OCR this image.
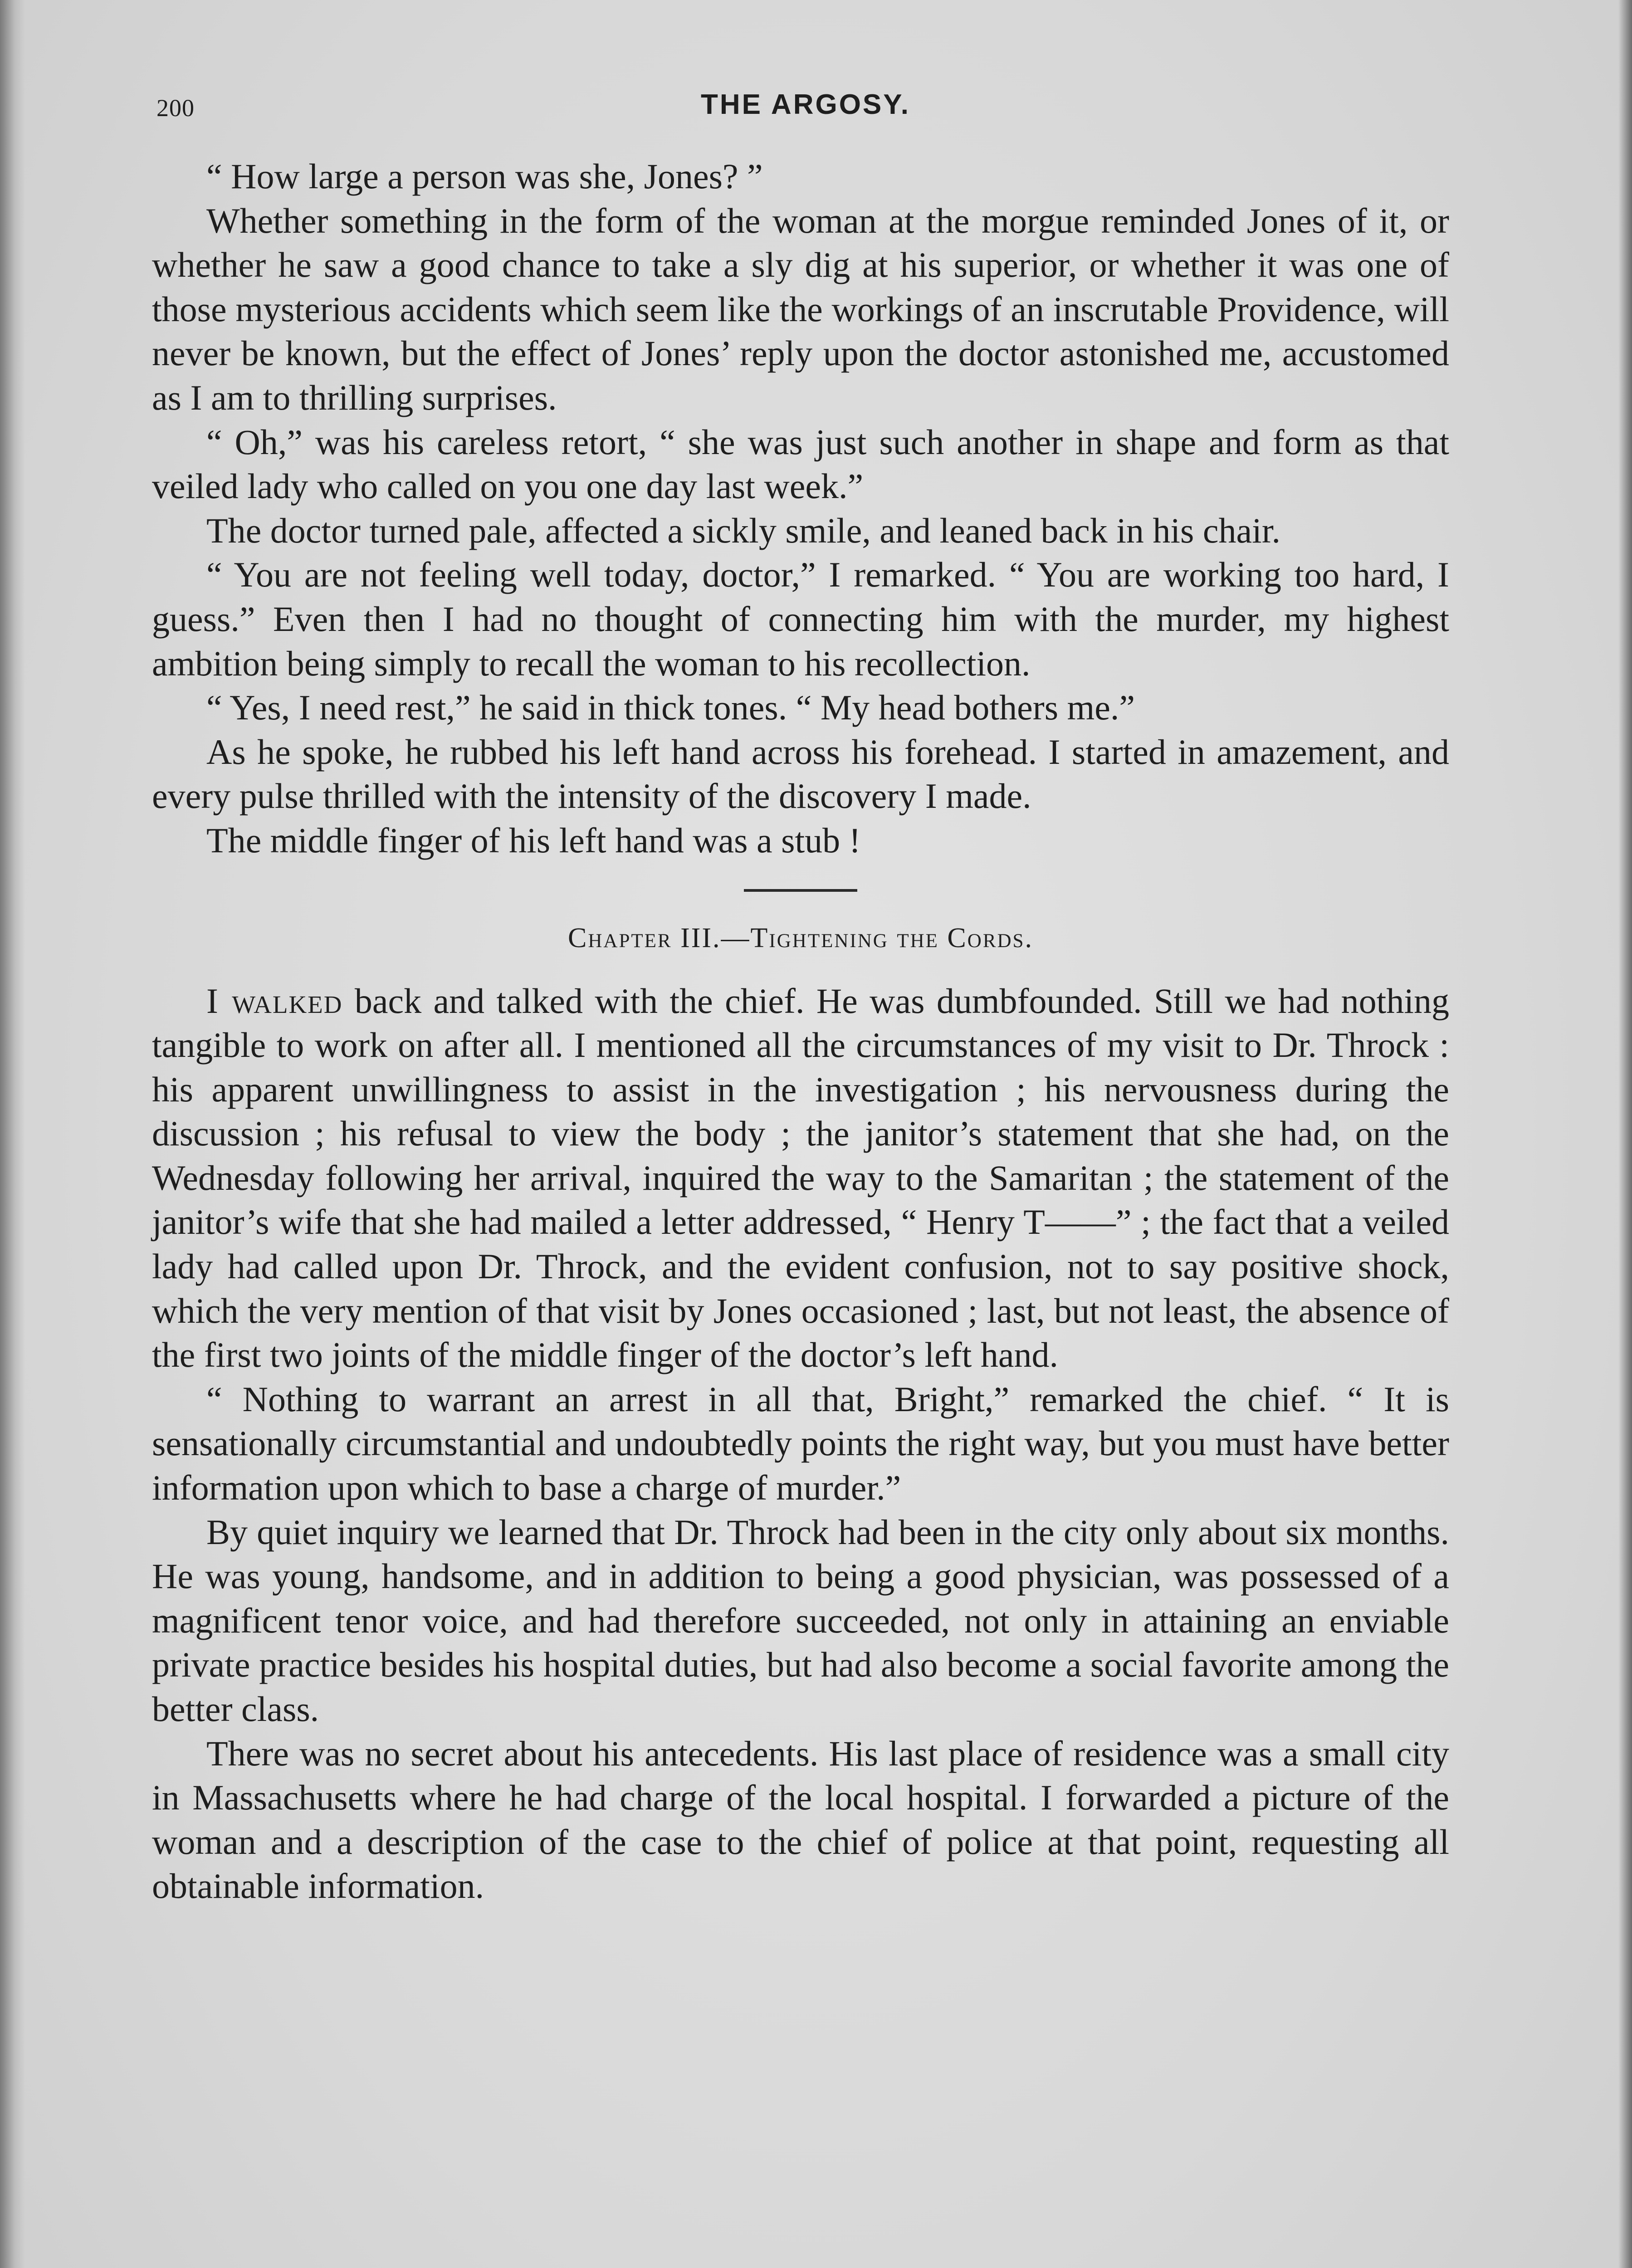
200	THE ARGOSY.

“ How large a person was she, Jones? ”

Whether something in the form of the woman at the morgue reminded Jones of it, or whether he saw a good chance to take a sly dig at his superior, or whether it was one of those mysterious accidents which seem like the workings of an inscrutable Providence, will never be known, but the effect of Jones’ reply upon the doctor astonished me, accustomed as I am to thrilling surprises.

“ Oh,” was his careless retort, “ she was just such another in shape and form as that veiled lady who called on you one day last week.”

The doctor turned pale, affected a sickly smile, and leaned back in his chair.

“ You are not feeling well today, doctor,” I remarked. “ You are working too hard, I guess.” Even then I had no thought of connecting him with the murder, my highest ambition being simply to recall the woman to his recollection.

“ Yes, I need rest,” he said in thick tones. “ My head bothers me.”

As he spoke, he rubbed his left hand across his forehead. I started in amazement, and every pulse thrilled with the intensity of the discovery I made.

The middle finger of his left hand was a stub !

Chapter III.—Tightening the Cords.

I walked back and talked with the chief. He was dumbfounded. Still we had nothing tangible to work on after all. I mentioned all the circumstances of my visit to Dr. Throck : his apparent unwillingness to assist in the investigation ; his nervousness during the discussion ; his refusal to view the body ; the janitor’s statement that she had, on the Wednesday following her arrival, inquired the way to the Samaritan ; the statement of the janitor’s wife that she had mailed a letter addressed, “ Henry T——” ; the fact that a veiled lady had called upon Dr. Throck, and the evident confusion, not to say positive shock, which the very mention of that visit by Jones occasioned ; last, but not least, the absence of the first two joints of the middle finger of the doctor’s left hand.

“ Nothing to warrant an arrest in all that, Bright,” remarked the chief. “ It is sensationally circumstantial and undoubtedly points the right way, but you must have better information upon which to base a charge of murder.”

By quiet inquiry we learned that Dr. Throck had been in the city only about six months. He was young, handsome, and in addition to being a good physician, was possessed of a magnificent tenor voice, and had therefore succeeded, not only in attaining an enviable private practice besides his hospital duties, but had also become a social favorite among the better class.

There was no secret about his antecedents. His last place of residence was a small city in Massachusetts where he had charge of the local hospital. I forwarded a picture of the woman and a description of the case to the chief of police at that point, requesting all obtainable information.
